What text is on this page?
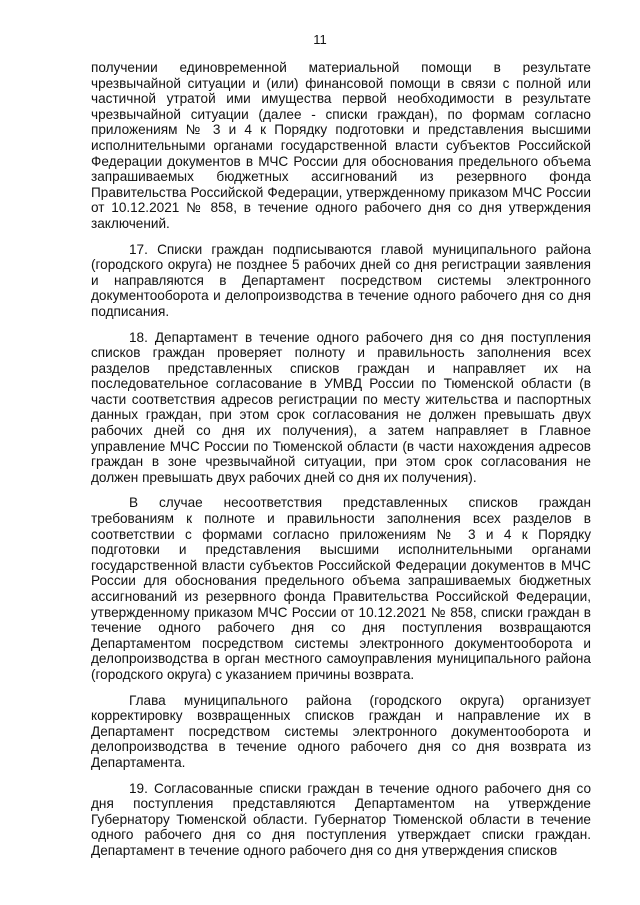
11

получении единовременной материальной помощи в результате чрезвычайной ситуации и (или) финансовой помощи в связи с полной или частичной утратой ими имущества первой необходимости в результате чрезвычайной ситуации (далее - списки граждан), по формам согласно приложениям № 3 и 4 к Порядку подготовки и представления высшими исполнительными органами государственной власти субъектов Российской Федерации документов в МЧС России для обоснования предельного объема запрашиваемых бюджетных ассигнований из резервного фонда Правительства Российской Федерации, утвержденному приказом МЧС России от 10.12.2021 № 858, в течение одного рабочего дня со дня утверждения заключений.

17. Списки граждан подписываются главой муниципального района (городского округа) не позднее 5 рабочих дней со дня регистрации заявления и направляются в Департамент посредством системы электронного документооборота и делопроизводства в течение одного рабочего дня со дня подписания.

18. Департамент в течение одного рабочего дня со дня поступления списков граждан проверяет полноту и правильность заполнения всех разделов представленных списков граждан и направляет их на последовательное согласование в УМВД России по Тюменской области (в части соответствия адресов регистрации по месту жительства и паспортных данных граждан, при этом срок согласования не должен превышать двух рабочих дней со дня их получения), а затем направляет в Главное управление МЧС России по Тюменской области (в части нахождения адресов граждан в зоне чрезвычайной ситуации, при этом срок согласования не должен превышать двух рабочих дней со дня их получения).

В случае несоответствия представленных списков граждан требованиям к полноте и правильности заполнения всех разделов в соответствии с формами согласно приложениям № 3 и 4 к Порядку подготовки и представления высшими исполнительными органами государственной власти субъектов Российской Федерации документов в МЧС России для обоснования предельного объема запрашиваемых бюджетных ассигнований из резервного фонда Правительства Российской Федерации, утвержденному приказом МЧС России от 10.12.2021 № 858, списки граждан в течение одного рабочего дня со дня поступления возвращаются Департаментом посредством системы электронного документооборота и делопроизводства в орган местного самоуправления муниципального района (городского округа) с указанием причины возврата.

Глава муниципального района (городского округа) организует корректировку возвращенных списков граждан и направление их в Департамент посредством системы электронного документооборота и делопроизводства в течение одного рабочего дня со дня возврата из Департамента.

19. Согласованные списки граждан в течение одного рабочего дня со дня поступления представляются Департаментом на утверждение Губернатору Тюменской области. Губернатор Тюменской области в течение одного рабочего дня со дня поступления утверждает списки граждан. Департамент в течение одного рабочего дня со дня утверждения списков
